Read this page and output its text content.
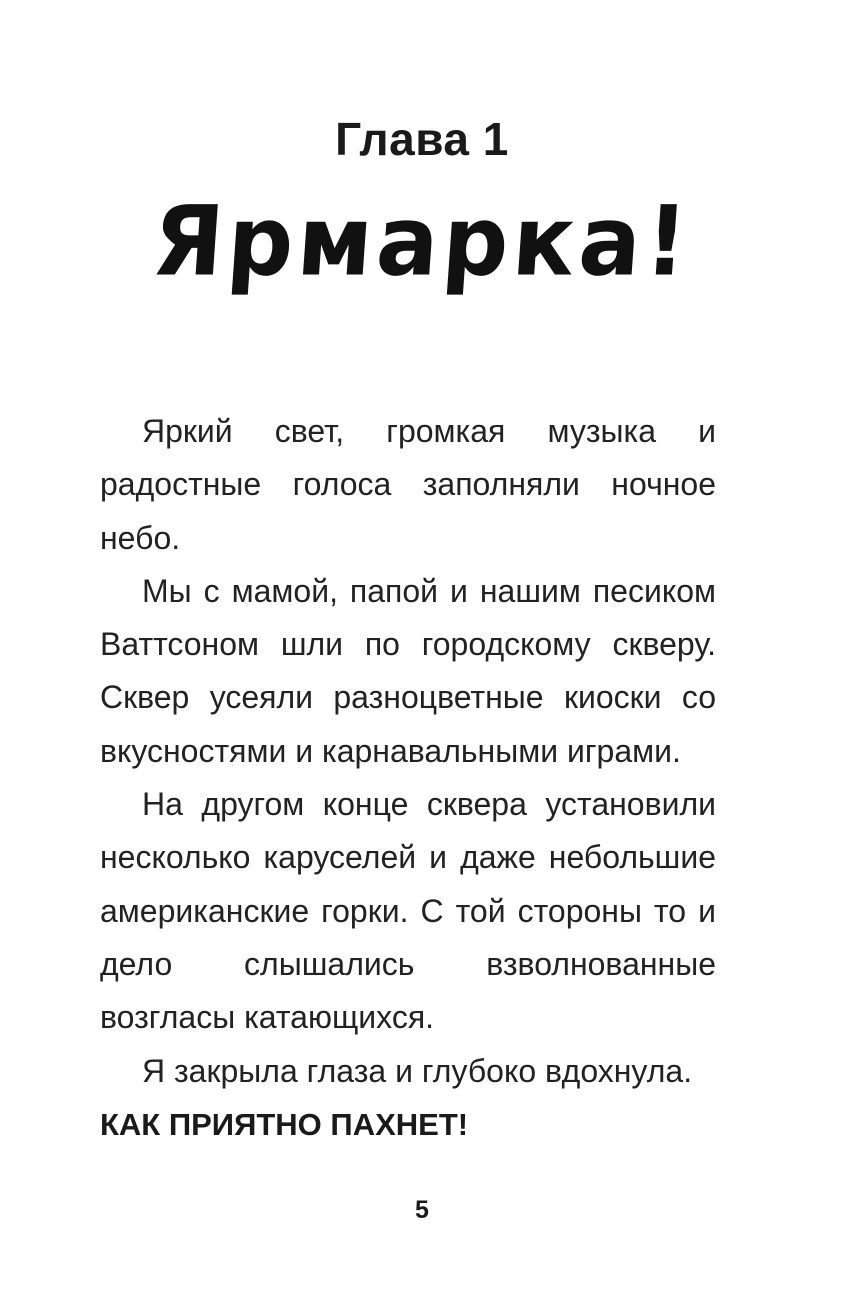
Глава 1
Ярмарка!

Яркий свет, громкая музыка и радостные голоса заполняли ночное небо.

Мы с мамой, папой и нашим песиком Ваттсоном шли по городскому скверу. Сквер усеяли разноцветные киоски со вкусностями и карнавальными играми.

На другом конце сквера установили несколько каруселей и даже небольшие американские горки. С той стороны то и дело слышались взволнованные возгласы катающихся.

Я закрыла глаза и глубоко вдохнула.

КАК ПРИЯТНО ПАХНЕТ!

5
